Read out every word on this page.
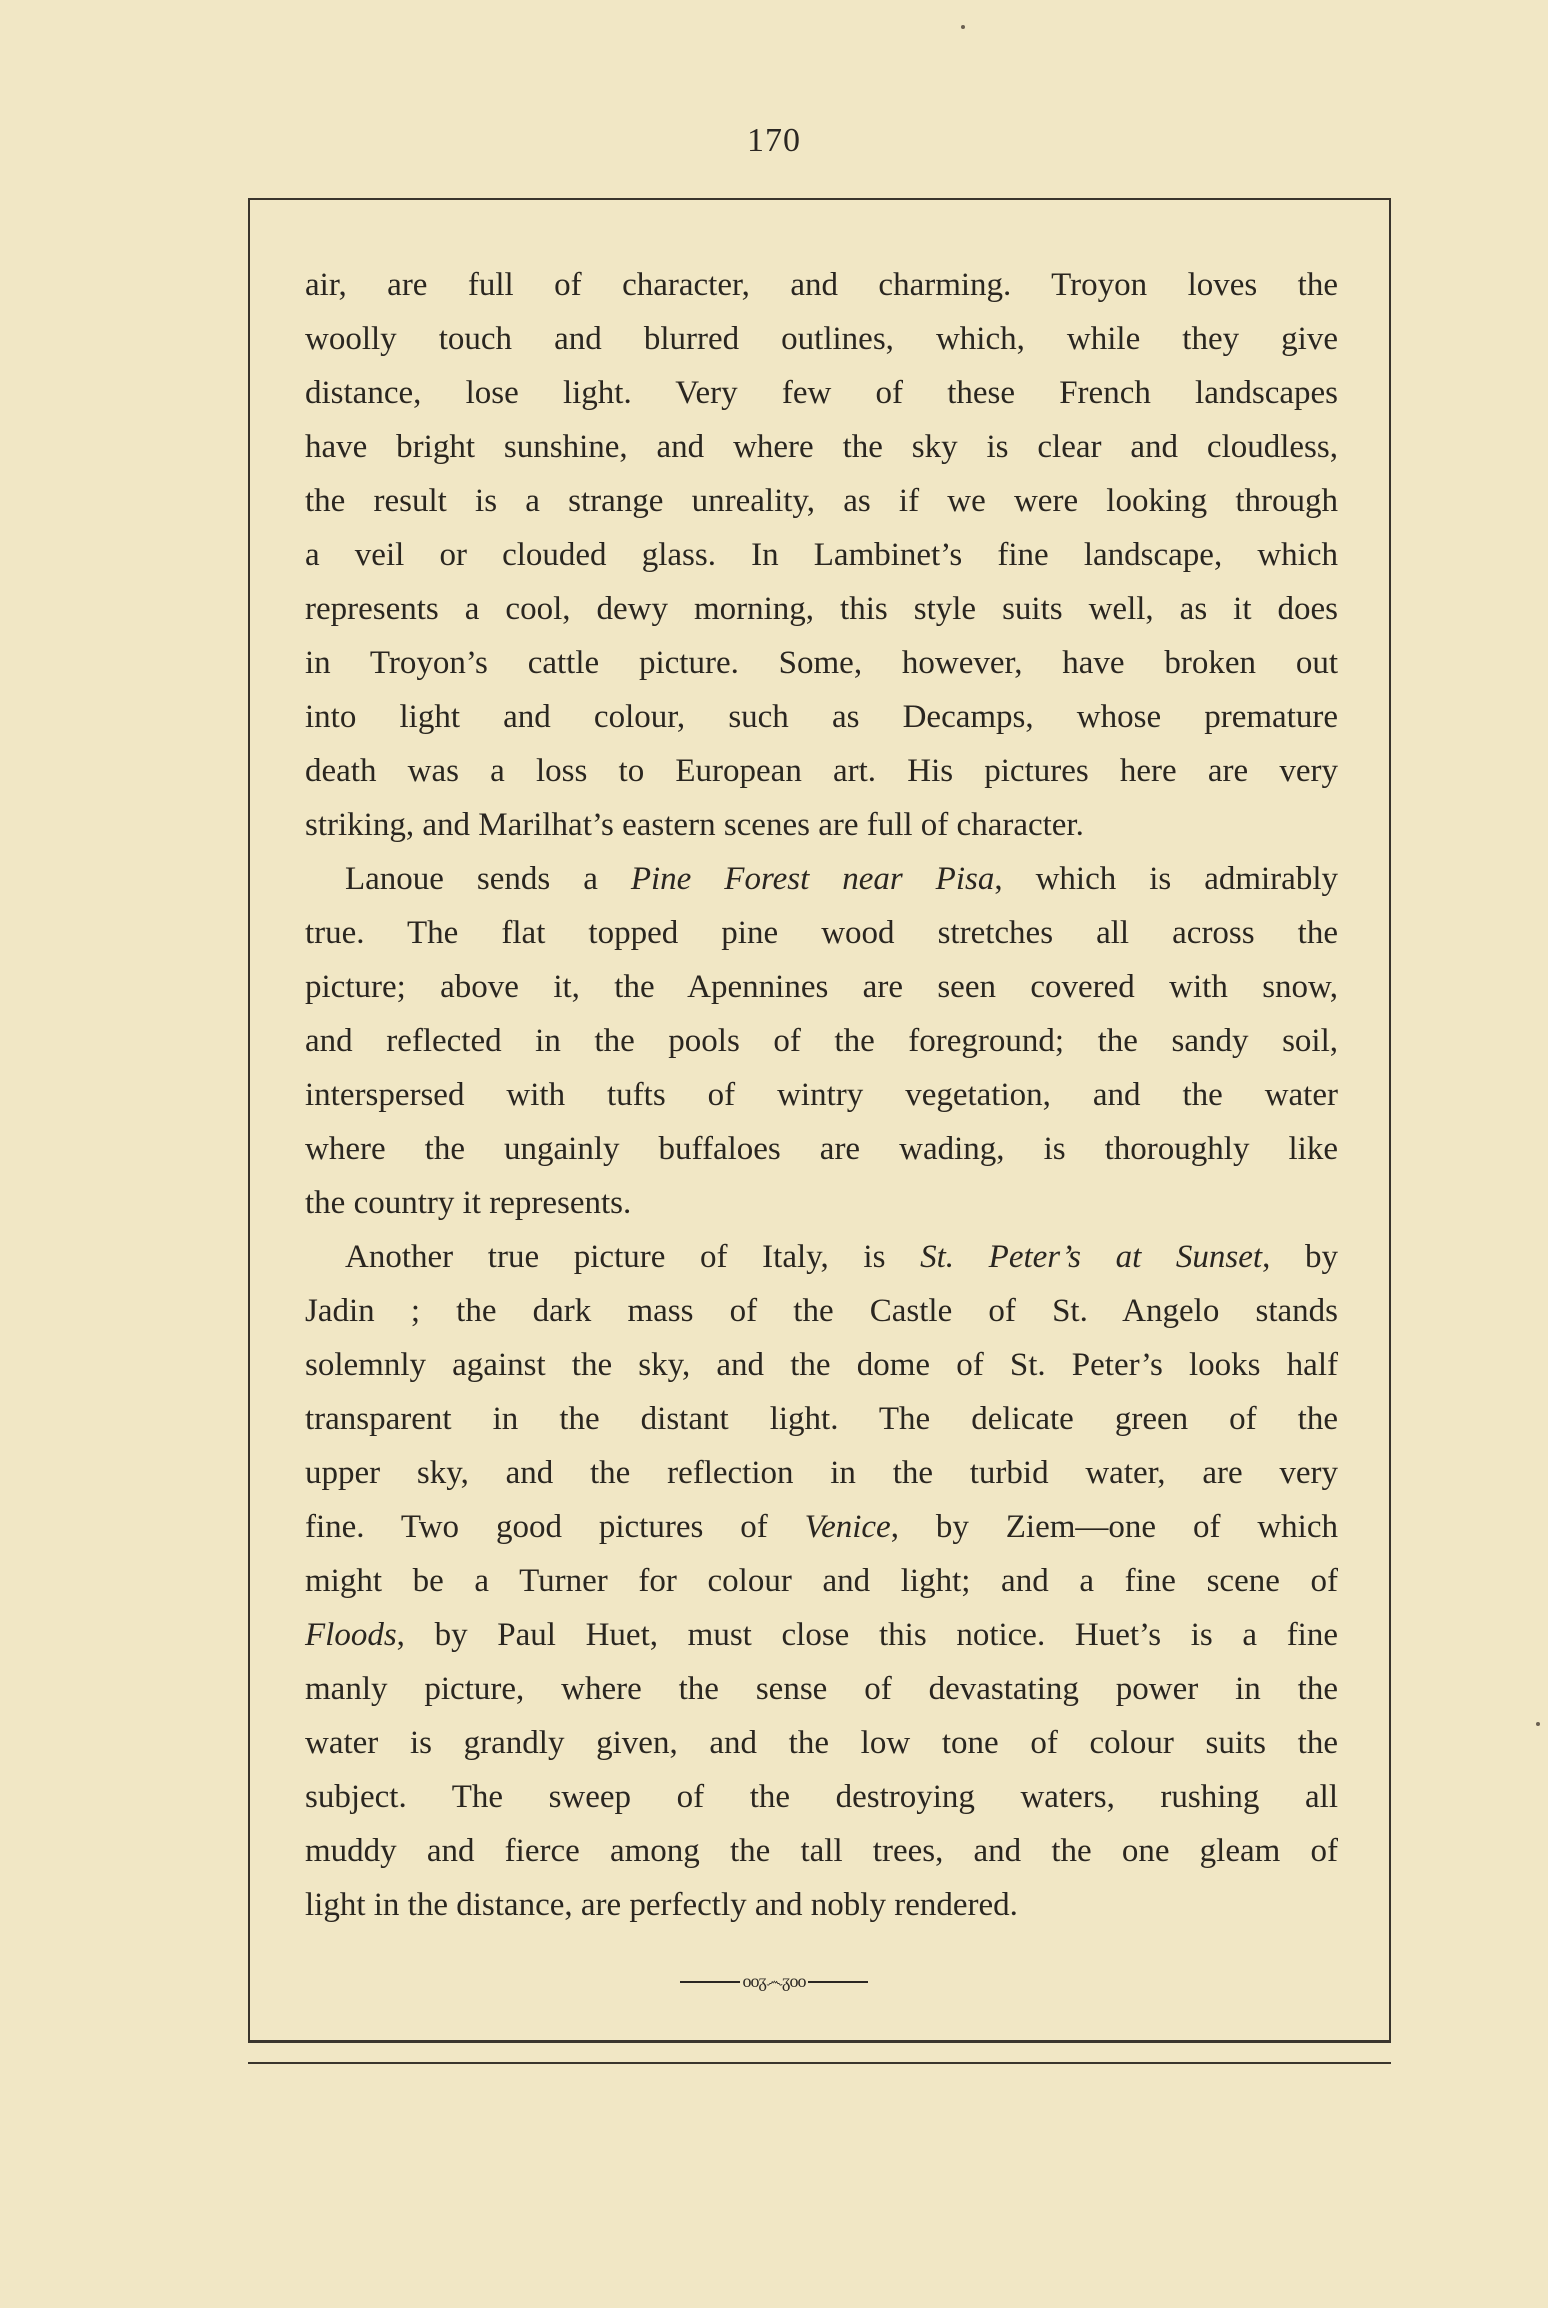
170
air, are full of character, and charming. Troyon loves the
woolly touch and blurred outlines, which, while they give
distance, lose light. Very few of these French landscapes
have bright sunshine, and where the sky is clear and cloudless,
the result is a strange unreality, as if we were looking through
a veil or clouded glass. In Lambinet’s fine landscape, which
represents a cool, dewy morning, this style suits well, as it does
in Troyon’s cattle picture. Some, however, have broken out
into light and colour, such as Decamps, whose premature
death was a loss to European art. His pictures here are very
striking, and Marilhat’s eastern scenes are full of character.
Lanoue sends a Pine Forest near Pisa, which is admirably
true. The flat topped pine wood stretches all across the
picture; above it, the Apennines are seen covered with snow,
and reflected in the pools of the foreground; the sandy soil,
interspersed with tufts of wintry vegetation, and the water
where the ungainly buffaloes are wading, is thoroughly like
the country it represents.
Another true picture of Italy, is St. Peter’s at Sunset, by
Jadin ; the dark mass of the Castle of St. Angelo stands
solemnly against the sky, and the dome of St. Peter’s looks half
transparent in the distant light. The delicate green of the
upper sky, and the reflection in the turbid water, are very
fine. Two good pictures of Venice, by Ziem—one of which
might be a Turner for colour and light; and a fine scene of
Floods, by Paul Huet, must close this notice. Huet’s is a fine
manly picture, where the sense of devastating power in the
water is grandly given, and the low tone of colour suits the
subject. The sweep of the destroying waters, rushing all
muddy and fierce among the tall trees, and the one gleam of
light in the distance, are perfectly and nobly rendered.
ooᵹ෴ᵹoo
